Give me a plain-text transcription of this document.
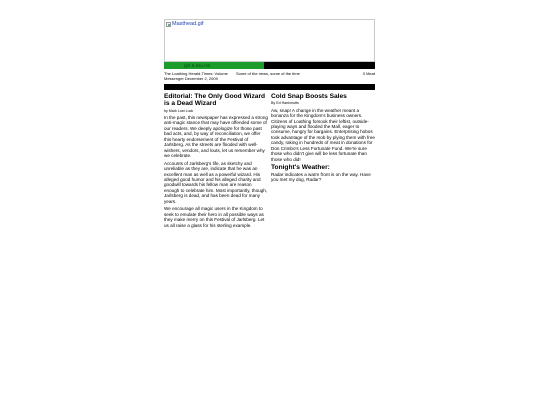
Masthead.gif
ppf & bsu.ms
The Loathing Herald-Times: Volume Messenger December 2, 2009
Some of the news, some of the time	0 Meat
Editorial: The Only Good Wizard is a Dead Wizard
by Mark Lost Luck

In the past, this newspaper has expressed a strong anti-magic stance that may have offended some of our readers. We deeply apologize for those past bad acts, and, by way of reconciliation, we offer this hearty endorsement of the Festival of Jarlsberg. As the streets are flooded with well-wishers, vendors, and louts, let us remember why we celebrate.

Accounts of Jarlsberg's life, as sketchy and unreliable as they are, indicate that he was an excellent man as well as a powerful wizard. His alleged good humor and his alleged charity and goodwill towards his fellow man are reason enough to celebrate him. Most importantly, though, Jarlsberg is dead, and has been dead for many years.

We encourage all magic users in the Kingdom to seek to emulate their hero in all possible ways as they make merry on this Festival of Jarlsberg. Let us all raise a glass for his sterling example.

Cold Snap Boosts Sales
By Ed Hankmutts

Aw, snap! A change in the weather meant a bonanza for the Kingdom's business owners. Citizens of Loathing forsook their leftist, outside-playing ways and flooded the Mall, eager to consume, hungry for bargains. Enterprising hobos took advantage of the mob by plying them with free candy, raking in hundreds of meat in donations for Don Crimbo's Less Fortunate Fund. We're sure those who didn't give will be less fortunate than those who did!

Tonight's Weather:

Radar indicates a warm front is on the way. Have you met my dog, Radar?
